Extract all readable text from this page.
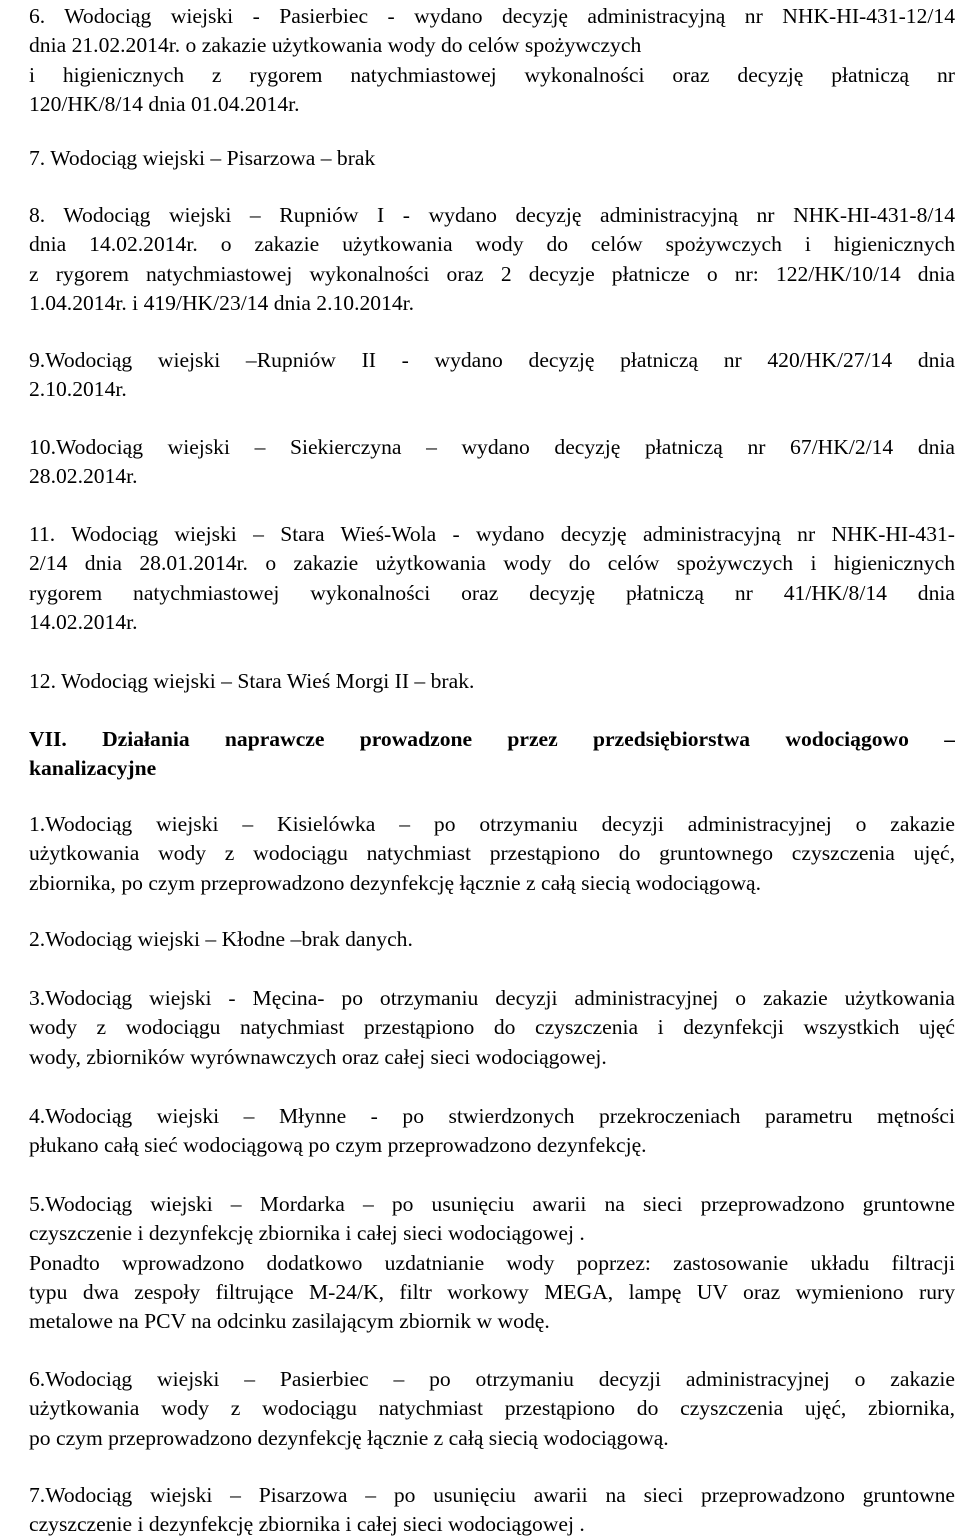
6. Wodociąg wiejski - Pasierbiec - wydano decyzję administracyjną nr NHK-HI-431-12/14
dnia 21.02.2014r. o zakazie użytkowania wody do celów spożywczych
i higienicznych z rygorem natychmiastowej wykonalności oraz decyzję płatniczą nr
120/HK/8/14 dnia 01.04.2014r.
7. Wodociąg wiejski – Pisarzowa – brak
8. Wodociąg wiejski – Rupniów I - wydano decyzję administracyjną nr NHK-HI-431-8/14
dnia 14.02.2014r. o zakazie użytkowania wody do celów spożywczych i higienicznych
z rygorem natychmiastowej wykonalności oraz 2 decyzje płatnicze o nr: 122/HK/10/14 dnia
1.04.2014r. i 419/HK/23/14 dnia 2.10.2014r.
9.Wodociąg wiejski –Rupniów II - wydano decyzję płatniczą nr 420/HK/27/14 dnia
2.10.2014r.
10.Wodociąg wiejski – Siekierczyna – wydano decyzję płatniczą nr 67/HK/2/14 dnia
28.02.2014r.
11. Wodociąg wiejski – Stara Wieś-Wola - wydano decyzję administracyjną nr NHK-HI-431-
2/14 dnia 28.01.2014r. o zakazie użytkowania wody do celów spożywczych i higienicznych
rygorem natychmiastowej wykonalności oraz decyzję płatniczą nr 41/HK/8/14 dnia
14.02.2014r.
12. Wodociąg wiejski – Stara Wieś Morgi II – brak.
VII. Działania naprawcze prowadzone przez przedsiębiorstwa wodociągowo –
kanalizacyjne
1.Wodociąg wiejski – Kisielówka – po otrzymaniu decyzji administracyjnej o zakazie
użytkowania wody z wodociągu natychmiast przestąpiono do gruntownego czyszczenia ujęć,
zbiornika, po czym przeprowadzono dezynfekcję łącznie z całą siecią wodociągową.
2.Wodociąg wiejski – Kłodne –brak danych.
3.Wodociąg wiejski - Męcina- po otrzymaniu decyzji administracyjnej o zakazie użytkowania
wody z wodociągu natychmiast przestąpiono do czyszczenia i dezynfekcji wszystkich ujęć
wody, zbiorników wyrównawczych oraz całej sieci wodociągowej.
4.Wodociąg wiejski – Młynne - po stwierdzonych przekroczeniach parametru mętności
płukano całą sieć wodociągową po czym przeprowadzono dezynfekcję.
5.Wodociąg wiejski – Mordarka – po usunięciu awarii na sieci przeprowadzono gruntowne
czyszczenie i dezynfekcję zbiornika i całej sieci wodociągowej .
Ponadto wprowadzono dodatkowo uzdatnianie wody poprzez: zastosowanie układu filtracji
typu dwa zespoły filtrujące M-24/K, filtr workowy MEGA, lampę UV oraz wymieniono rury
metalowe na PCV na odcinku zasilającym zbiornik w wodę.
6.Wodociąg wiejski – Pasierbiec – po otrzymaniu decyzji administracyjnej o zakazie
użytkowania wody z wodociągu natychmiast przestąpiono do czyszczenia ujęć, zbiornika,
po czym przeprowadzono dezynfekcję łącznie z całą siecią wodociągową.
7.Wodociąg wiejski – Pisarzowa – po usunięciu awarii na sieci przeprowadzono gruntowne
czyszczenie i dezynfekcję zbiornika i całej sieci wodociągowej .
